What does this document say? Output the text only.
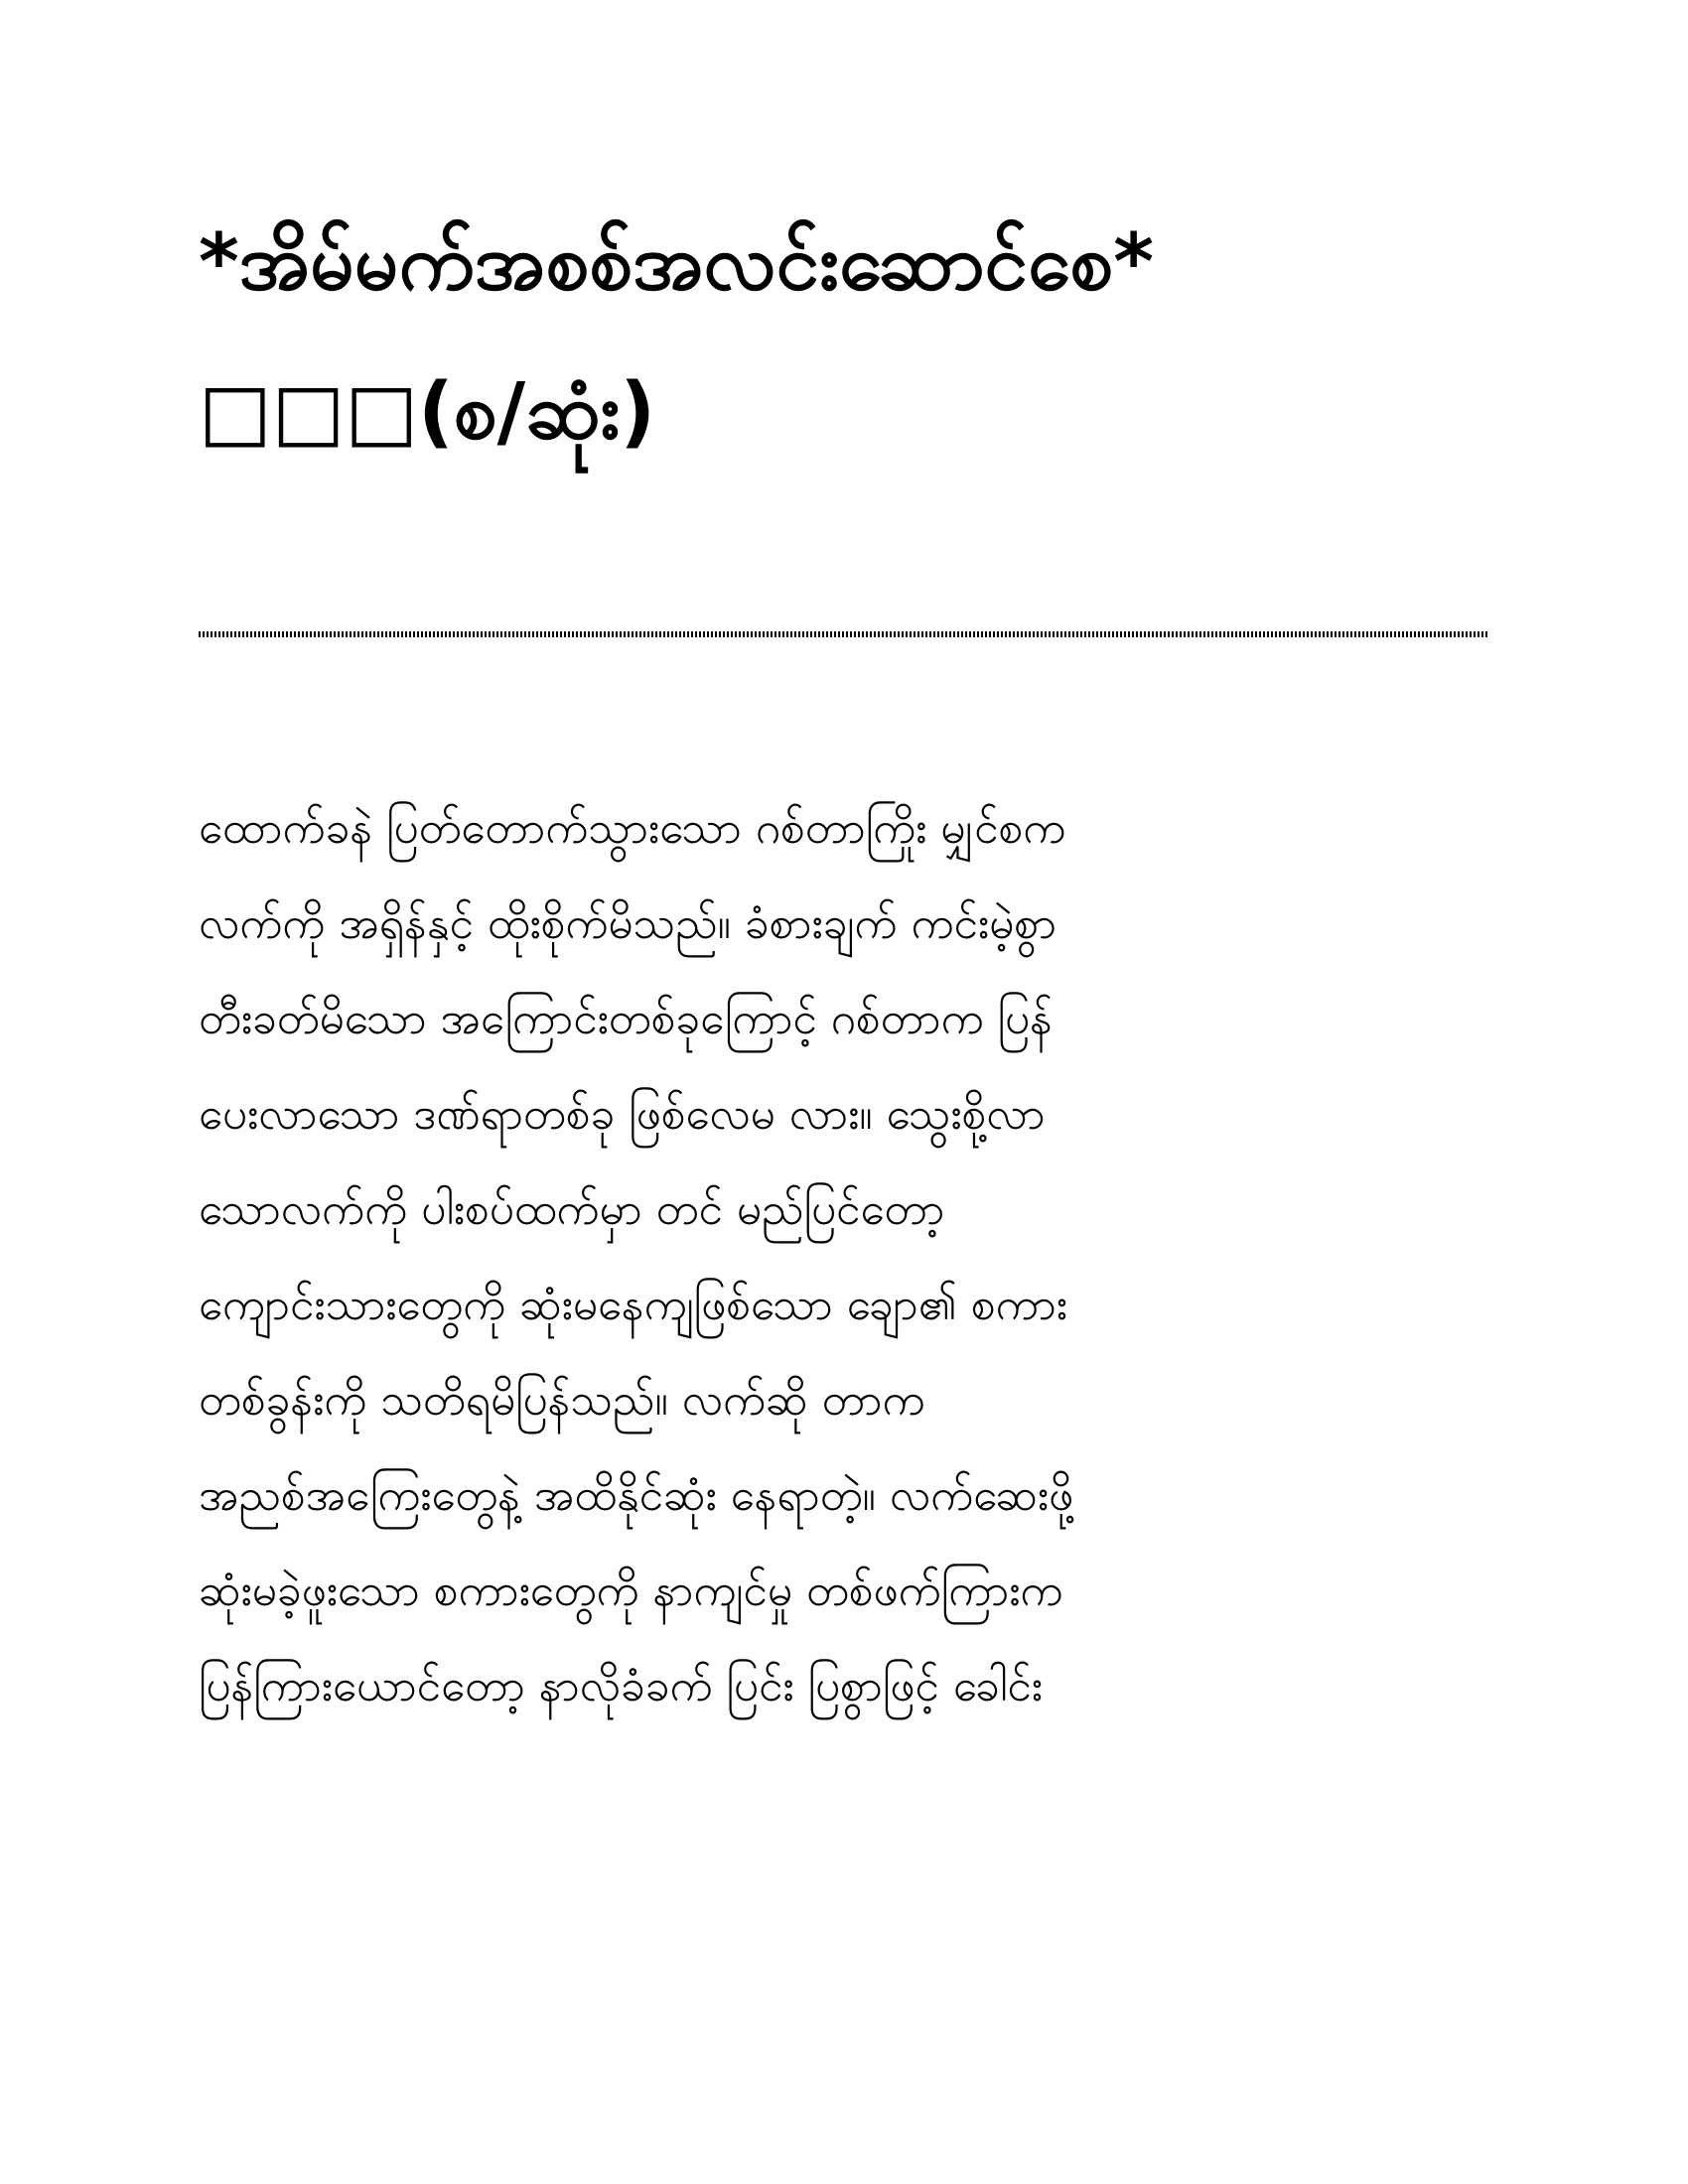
*အိမ်မက်အစစ်အလင်းဆောင်စေ*
□□□(စ/ဆုံး)
ထောက်ခနဲ ပြတ်တောက်သွားသော ဂစ်တာကြိုး မျှင်စက
လက်ကို အရှိန်နှင့် ထိုးစိုက်မိသည်။ ခံစားချက် ကင်းမဲ့စွာ
တီးခတ်မိသော အကြောင်းတစ်ခုကြောင့် ဂစ်တာက ပြန်
ပေးလာသော ဒဏ်ရာတစ်ခု ဖြစ်လေမ လား။ သွေးစို့လာ
သောလက်ကို ပါးစပ်ထက်မှာ တင် မည်ပြင်တော့
ကျောင်းသားတွေကို ဆုံးမနေကျဖြစ်သော ချော၏ စကား
တစ်ခွန်းကို သတိရမိပြန်သည်။ လက်ဆို တာက
အညစ်အကြေးတွေနဲ့ အထိနိုင်ဆုံး နေရာတဲ့။ လက်ဆေးဖို့
ဆုံးမခဲ့ဖူးသော စကားတွေကို နာကျင်မှု တစ်ဖက်ကြားက
ပြန်ကြားယောင်တော့ နာလိုခံခက် ပြင်း ပြစွာဖြင့် ခေါင်း
